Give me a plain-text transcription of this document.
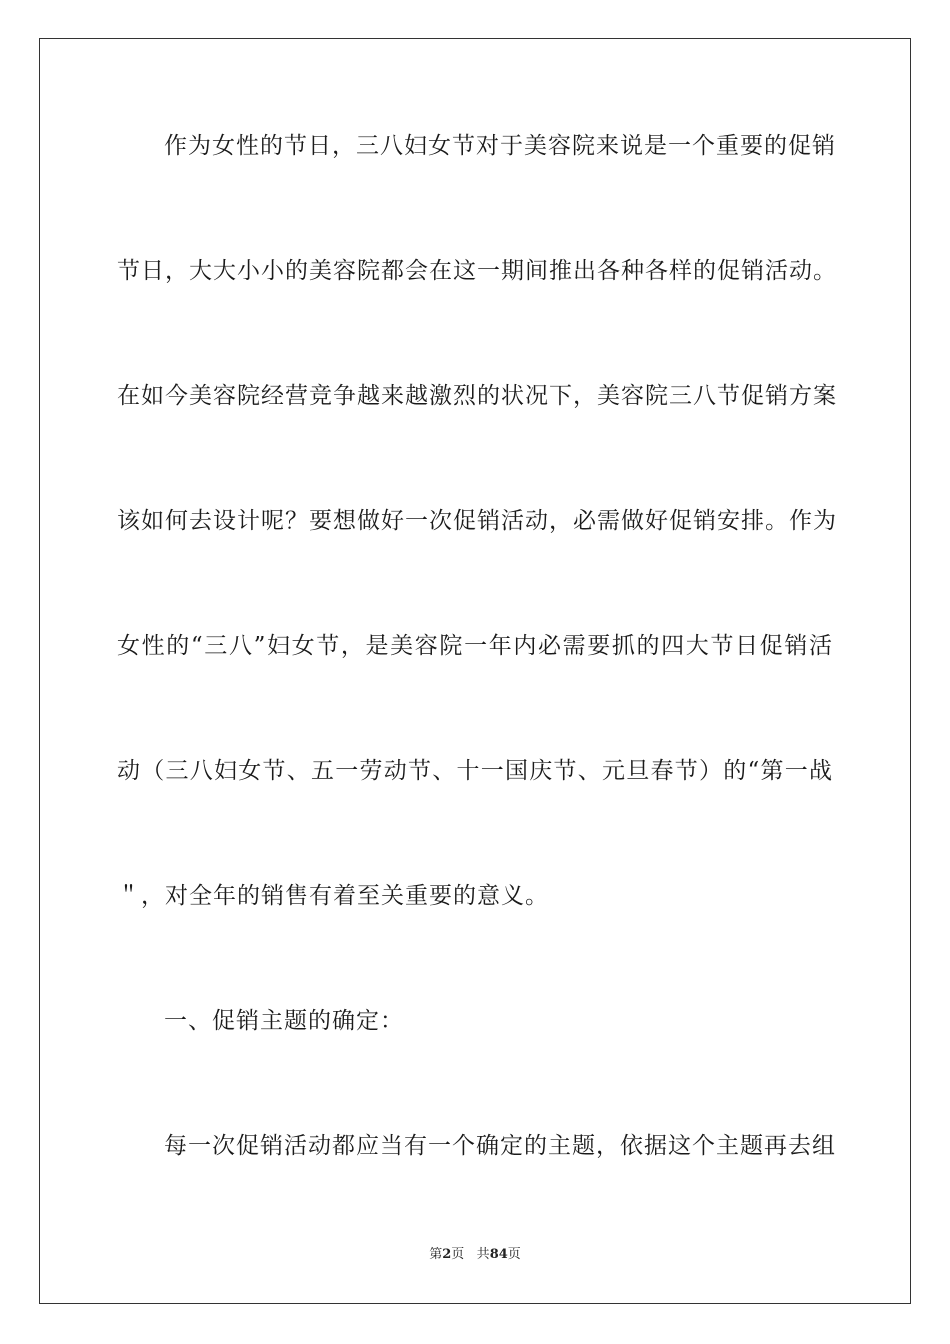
作为女性的节日，三八妇女节对于美容院来说是一个重要的促销
节日，大大小小的美容院都会在这一期间推出各种各样的促销活动。
在如今美容院经营竞争越来越激烈的状况下，美容院三八节促销方案
该如何去设计呢？要想做好一次促销活动，必需做好促销安排。作为
女性的“三八”妇女节，是美容院一年内必需要抓的四大节日促销活
动（三八妇女节、五一劳动节、十一国庆节、元旦春节）的“第一战
＂，对全年的销售有着至关重要的意义。
一、促销主题的确定：
每一次促销活动都应当有一个确定的主题，依据这个主题再去组
第2页 共84页
